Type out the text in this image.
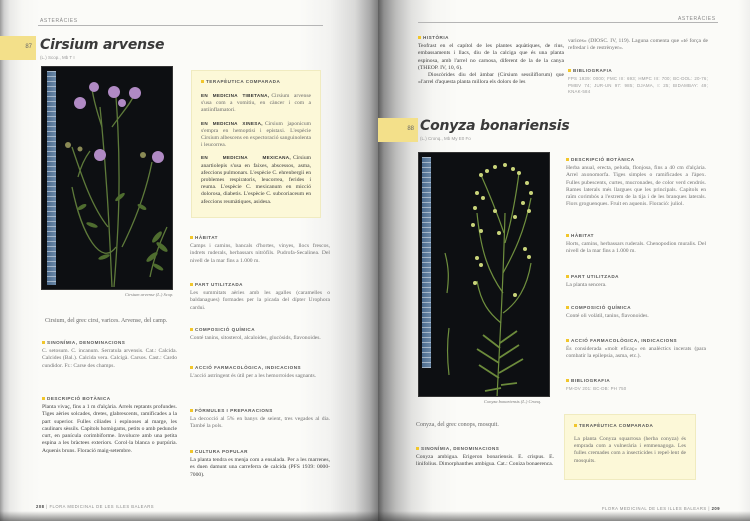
ASTERÀCIES
87 Cirsium arvense
(L.) Scop., Mb T I
Cirsium arvense (L.) Scop.
Cirsium, del grec cirsi, varices. Arvense, del camp.
SINONÍMIA, DENOMINACIONS
C. setosum. C. incanum. Serratula arvensis. Cat.: Calcida. Calcides (Bal.). Calcida vera. Calcigà. Carsos. Cast.: Cardo cundidor. Fr.: Carse des champs.
DESCRIPCIÓ BOTÀNICA
Planta vivaç, fins a 1 m d'alçària. Arrels reptants profundes. Tiges aèries solcades, dretes, glabrescents, ramificades a la part superior. Fulles ciliades i espinoses al marge, les caulinars sèssils. Capítols homògams, petits o amb peduncle curt, en panícula corimbiforme. Involucre amb una petita espina a les bràctees exteriors. Corol·la blanca o purpúria. Aquenis bruns. Floració maig-setembre.
TERAPÈUTICA COMPARADA
EN MEDICINA TIBETANA, Cirsium arvense s'usa com a vomitiu, en càncer i com a antiinflamatori.
EN MEDICINA XINESA, Cirsium japonicum s'empra en hemoptisi i epistaxi. L'espècie Cirsium albescens en expectoració sanguinolenta i leucorrea.
EN MEDICINA MEXICANA, Cirsium anartiolepis s'usa en faixes, abscessos, asma, afeccions pulmonars. L'espècie C. ehrenbergii en problemes respiratoris, leucorrea, ferides i reuma. L'espècie C. mexicanum en micció dolorosa, diabetis. L'espècie C. subcoriaceum en afeccions reumàtiques, asidesa.
HÀBITAT
Camps i camins, bancals d'hortes, vinyes, llocs frescos, indrets ruderals, herbassars nitròfils. Pudrofa-Secalinea. Del nivell de la mar fins a 1.000 m.
PART UTILITZADA
Les summitats aèries amb les agalles (caramelles o baldanagues) formades per la picada del dípter Urophora cardui.
COMPOSICIÓ QUÍMICA
Conté tanins, sitosterol, alcaloides, glucòsids, flavonoides.
ACCIÓ FARMACOLÒGICA, INDICACIONS
L'acció astringent és útil per a les hemorroides sagnants.
FÒRMULES I PREPARACIONS
La decocció al 5% en banys de seient, tres vegades al dia. També la pols.
CULTURA POPULAR
La planta tendra es menja com a ensalada. Per a les marrenes, es duen damunt una carreferra de calcida (PFS 1939: 0000-7000).
208 | FLORA MEDICINAL DE LES ILLES BALEARS
ASTERÀCIES
HISTÒRIA
Teofrast en el capítol de les plantes aquàtiques, de rius, embassaments i llacs, diu de la calciga que és una planta espinosa, amb l'arrel no carnosa, diferent de la de la canya (THEOP. IV, 10, 6).
Dioscòrides diu del àmbar (Cirsium sessiliflorum) que «l'arrel d'aquesta planta millora els dolors de les
varices» (DIOSC. IV, 119). Laguna comenta que «té força de refredar i de restrènyer».
BIBLIOGRAFIA
FPS 1939: 0000; FMC III: 693; HMPC III: 700; BC-DOL: 20-76; PMBV 74; JUR-UN 97: 985; DJAMA, I: 25; BIDAMBAY: 49; KNAK-584
88 Conyza bonariensis
(L.) Cronq., Mb My E0 Fo
Conyza bonariensis (L.) Cronq.
Conyza, del grec conops, mosquit.
SINONÍMIA, DENOMINACIONS
Conyza ambigua. Erigeron bonariensis. E. crispus. E. linifolius. Dimorphanthes ambigua. Cat.: Coniza bonaerenca.
DESCRIPCIÓ BOTÀNICA
Herba anual, erecta, peluda, flonjosa, fins a 40 cm d'alçària. Arrel axonomorfa. Tiges simples o ramificades a l'àpex. Fulles pubescents, curtes, mucronades, de color verd cendrós. Rames laterals més llargues que les principals. Capítols en raïm corimbós a l'extrem de la tija i de les branques laterals. Flors groguenques. Fruit en aquenis. Floració: juliol.
HÀBITAT
Horts, camins, herbassars ruderals. Chenopodion muralis. Del nivell de la mar fins a 1.000 m.
PART UTILITZADA
La planta sencera.
COMPOSICIÓ QUÍMICA
Conté oli volàtil, tanins, flavonoides.
ACCIÓ FARMACOLÒGICA, INDICACIONS
És considerada «molt eficaç» en analèctics incerats (para combatir la epilepsia, asma, etc.).
BIBLIOGRAFIA
FM-DV 201: BC-DB: PH 750
TERAPÈUTICA COMPARADA
La planta Conyza squarrosa (herba conyza) és emprada com a vulnerària i emmenagoga. Les fulles cremades com a insecticides i repel·lent de mosquits.
FLORA MEDICINAL DE LES ILLES BALEARS | 209
